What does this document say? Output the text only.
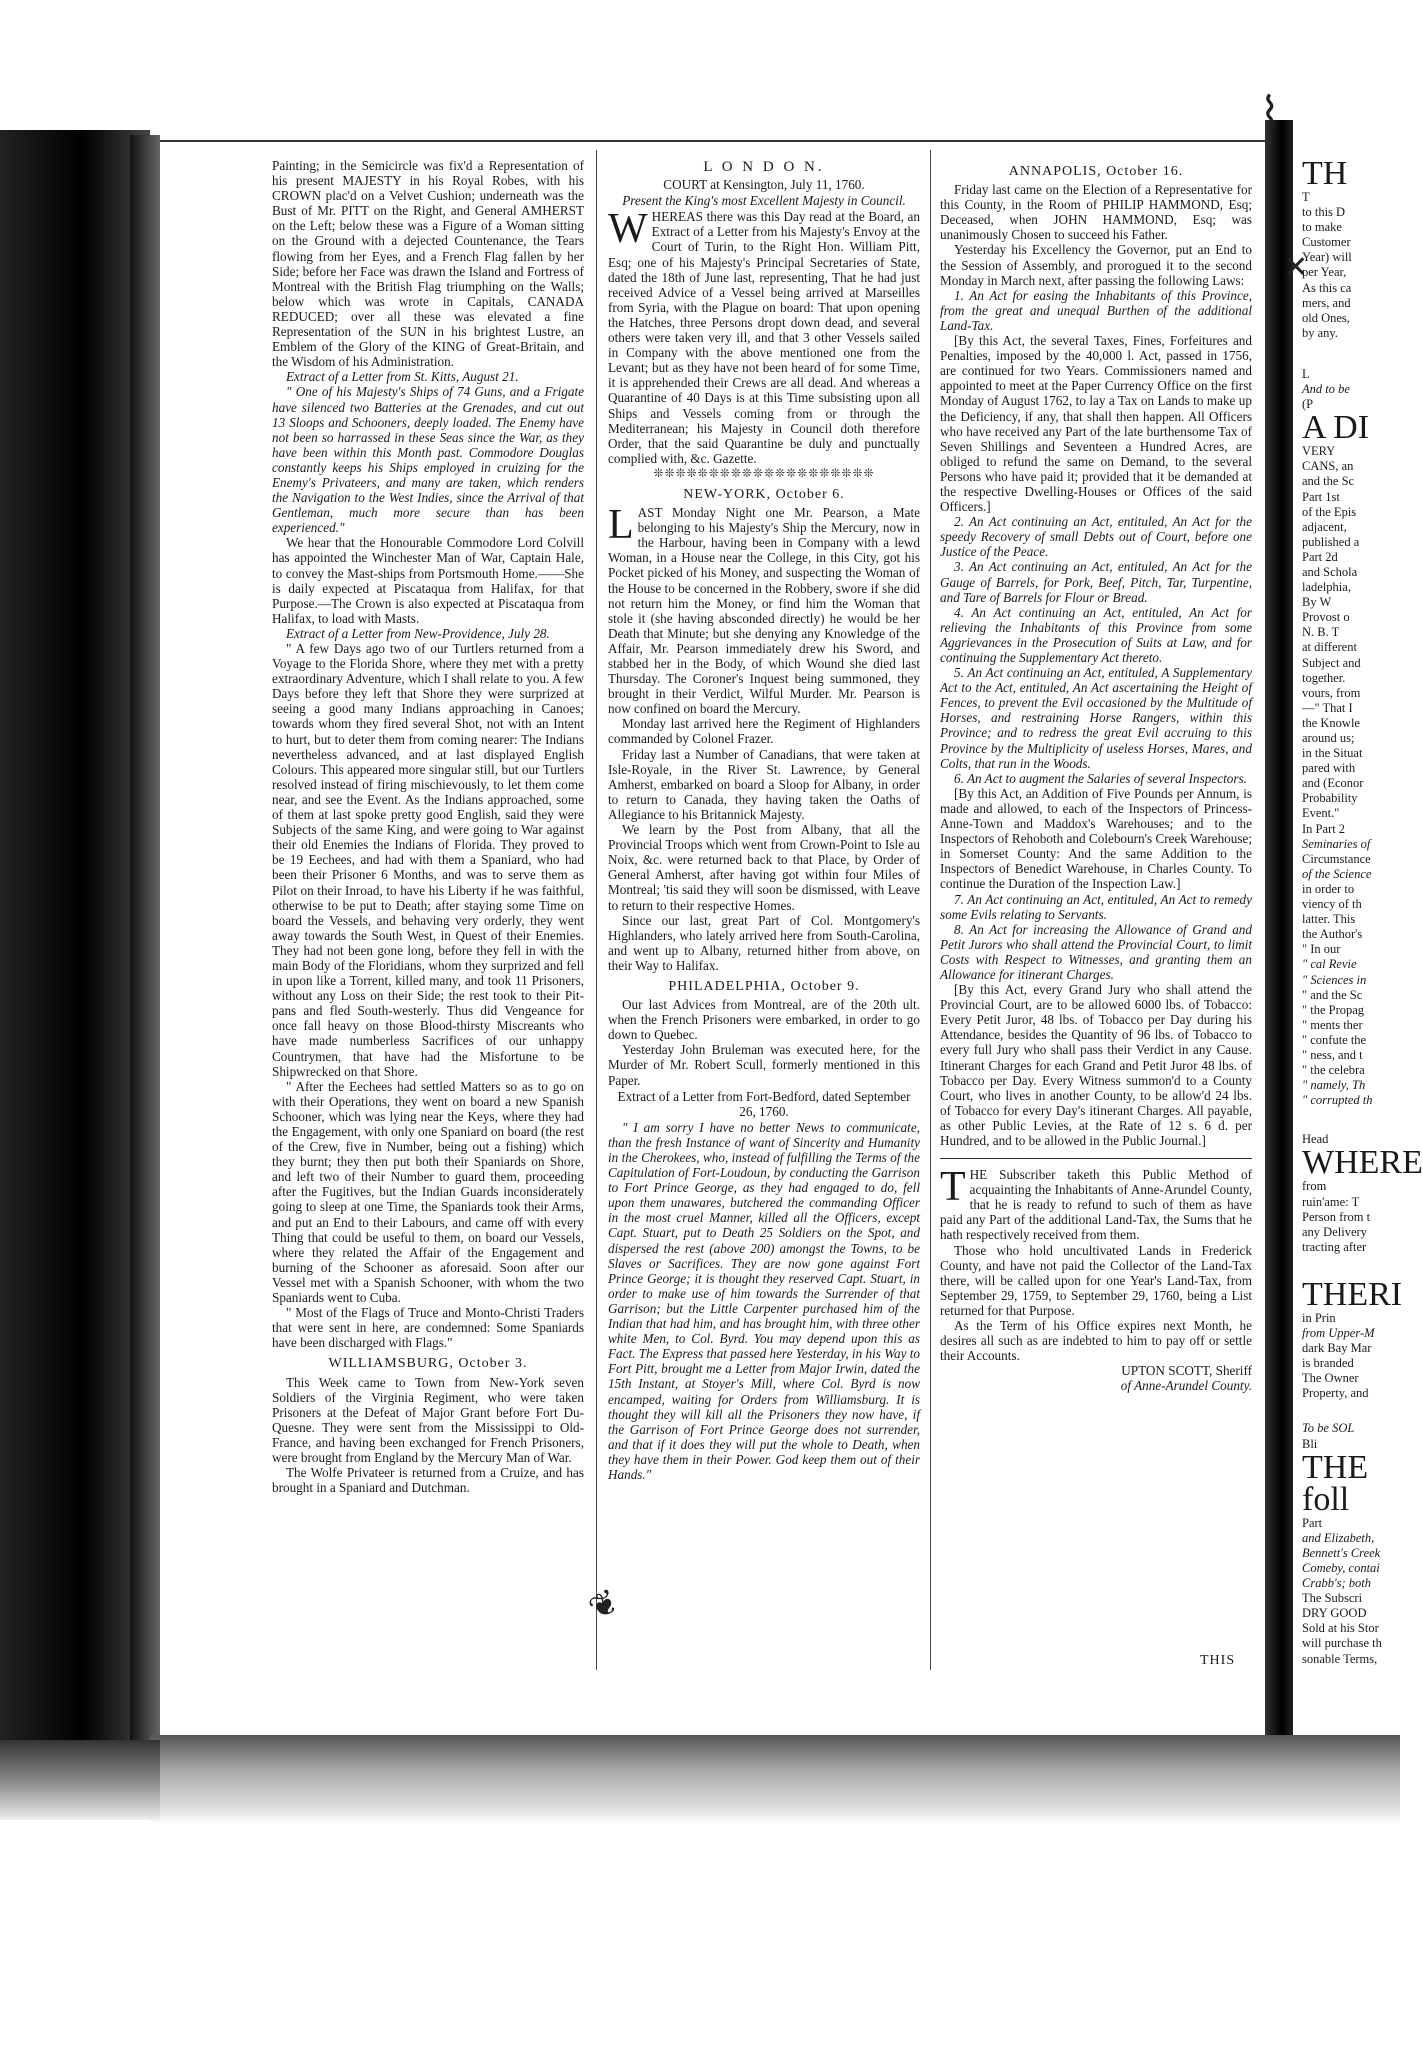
⌇
✕
❦

Painting; in the Semicircle was fix'd a Representation of his present MAJESTY in his Royal Robes, with his CROWN plac'd on a Velvet Cushion; underneath was the Bust of Mr. PITT on the Right, and General AMHERST on the Left; below these was a Figure of a Woman sitting on the Ground with a dejected Countenance, the Tears flowing from her Eyes, and a French Flag fallen by her Side; before her Face was drawn the Island and Fortress of Montreal with the British Flag triumphing on the Walls; below which was wrote in Capitals, CANADA REDUCED; over all these was elevated a fine Representation of the SUN in his brightest Lustre, an Emblem of the Glory of the KING of Great-Britain, and the Wisdom of his Administration.

Extract of a Letter from St. Kitts, August 21.

" One of his Majesty's Ships of 74 Guns, and a Frigate have silenced two Batteries at the Grenades, and cut out 13 Sloops and Schooners, deeply loaded. The Enemy have not been so harrassed in these Seas since the War, as they have been within this Month past. Commodore Douglas constantly keeps his Ships employed in cruizing for the Enemy's Privateers, and many are taken, which renders the Navigation to the West Indies, since the Arrival of that Gentleman, much more secure than has been experienced."

We hear that the Honourable Commodore Lord Colvill has appointed the Winchester Man of War, Captain Hale, to convey the Mast-ships from Portsmouth Home.——She is daily expected at Piscataqua from Halifax, for that Purpose.—The Crown is also expected at Piscataqua from Halifax, to load with Masts.

Extract of a Letter from New-Providence, July 28.

" A few Days ago two of our Turtlers returned from a Voyage to the Florida Shore, where they met with a pretty extraordinary Adventure, which I shall relate to you. A few Days before they left that Shore they were surprized at seeing a good many Indians approaching in Canoes; towards whom they fired several Shot, not with an Intent to hurt, but to deter them from coming nearer: The Indians nevertheless advanced, and at last displayed English Colours. This appeared more singular still, but our Turtlers resolved instead of firing mischievously, to let them come near, and see the Event. As the Indians approached, some of them at last spoke pretty good English, said they were Subjects of the same King, and were going to War against their old Enemies the Indians of Florida. They proved to be 19 Eechees, and had with them a Spaniard, who had been their Prisoner 6 Months, and was to serve them as Pilot on their Inroad, to have his Liberty if he was faithful, otherwise to be put to Death; after staying some Time on board the Vessels, and behaving very orderly, they went away towards the South West, in Quest of their Enemies. They had not been gone long, before they fell in with the main Body of the Floridians, whom they surprized and fell in upon like a Torrent, killed many, and took 11 Prisoners, without any Loss on their Side; the rest took to their Pit-pans and fled South-westerly. Thus did Vengeance for once fall heavy on those Blood-thirsty Miscreants who have made numberless Sacrifices of our unhappy Countrymen, that have had the Misfortune to be Shipwrecked on that Shore.

" After the Eechees had settled Matters so as to go on with their Operations, they went on board a new Spanish Schooner, which was lying near the Keys, where they had the Engagement, with only one Spaniard on board (the rest of the Crew, five in Number, being out a fishing) which they burnt; they then put both their Spaniards on Shore, and left two of their Number to guard them, proceeding after the Fugitives, but the Indian Guards inconsiderately going to sleep at one Time, the Spaniards took their Arms, and put an End to their Labours, and came off with every Thing that could be useful to them, on board our Vessels, where they related the Affair of the Engagement and burning of the Schooner as aforesaid. Soon after our Vessel met with a Spanish Schooner, with whom the two Spaniards went to Cuba.

" Most of the Flags of Truce and Monto-Christi Traders that were sent in here, are condemned: Some Spaniards have been discharged with Flags."

WILLIAMSBURG, October 3.

This Week came to Town from New-York seven Soldiers of the Virginia Regiment, who were taken Prisoners at the Defeat of Major Grant before Fort Du-Quesne. They were sent from the Mississippi to Old-France, and having been exchanged for French Prisoners, were brought from England by the Mercury Man of War.

The Wolfe Privateer is returned from a Cruize, and has brought in a Spaniard and Dutchman.

L O N D O N.

COURT at Kensington, July 11, 1760.

Present the King's most Excellent Majesty in Council.

WHEREAS there was this Day read at the Board, an Extract of a Letter from his Majesty's Envoy at the Court of Turin, to the Right Hon. William Pitt, Esq; one of his Majesty's Principal Secretaries of State, dated the 18th of June last, representing, That he had just received Advice of a Vessel being arrived at Marseilles from Syria, with the Plague on board: That upon opening the Hatches, three Persons dropt down dead, and several others were taken very ill, and that 3 other Vessels sailed in Company with the above mentioned one from the Levant; but as they have not been heard of for some Time, it is apprehended their Crews are all dead. And whereas a Quarantine of 40 Days is at this Time subsisting upon all Ships and Vessels coming from or through the Mediterranean; his Majesty in Council doth therefore Order, that the said Quarantine be duly and punctually complied with, &c. Gazette.

❊❊❊❊❊❊❊❊❊❊❊❊❊❊❊❊❊❊❊❊

NEW-YORK, October 6.

LAST Monday Night one Mr. Pearson, a Mate belonging to his Majesty's Ship the Mercury, now in the Harbour, having been in Company with a lewd Woman, in a House near the College, in this City, got his Pocket picked of his Money, and suspecting the Woman of the House to be concerned in the Robbery, swore if she did not return him the Money, or find him the Woman that stole it (she having absconded directly) he would be her Death that Minute; but she denying any Knowledge of the Affair, Mr. Pearson immediately drew his Sword, and stabbed her in the Body, of which Wound she died last Thursday. The Coroner's Inquest being summoned, they brought in their Verdict, Wilful Murder. Mr. Pearson is now confined on board the Mercury.

Monday last arrived here the Regiment of Highlanders commanded by Colonel Frazer.

Friday last a Number of Canadians, that were taken at Isle-Royale, in the River St. Lawrence, by General Amherst, embarked on board a Sloop for Albany, in order to return to Canada, they having taken the Oaths of Allegiance to his Britannick Majesty.

We learn by the Post from Albany, that all the Provincial Troops which went from Crown-Point to Isle au Noix, &c. were returned back to that Place, by Order of General Amherst, after having got within four Miles of Montreal; 'tis said they will soon be dismissed, with Leave to return to their respective Homes.

Since our last, great Part of Col. Montgomery's Highlanders, who lately arrived here from South-Carolina, and went up to Albany, returned hither from above, on their Way to Halifax.

PHILADELPHIA, October 9.

Our last Advices from Montreal, are of the 20th ult. when the French Prisoners were embarked, in order to go down to Quebec.

Yesterday John Bruleman was executed here, for the Murder of Mr. Robert Scull, formerly mentioned in this Paper.

Extract of a Letter from Fort-Bedford, dated September 26, 1760.

" I am sorry I have no better News to communicate, than the fresh Instance of want of Sincerity and Humanity in the Cherokees, who, instead of fulfilling the Terms of the Capitulation of Fort-Loudoun, by conducting the Garrison to Fort Prince George, as they had engaged to do, fell upon them unawares, butchered the commanding Officer in the most cruel Manner, killed all the Officers, except Capt. Stuart, put to Death 25 Soldiers on the Spot, and dispersed the rest (above 200) amongst the Towns, to be Slaves or Sacrifices. They are now gone against Fort Prince George; it is thought they reserved Capt. Stuart, in order to make use of him towards the Surrender of that Garrison; but the Little Carpenter purchased him of the Indian that had him, and has brought him, with three other white Men, to Col. Byrd. You may depend upon this as Fact. The Express that passed here Yesterday, in his Way to Fort Pitt, brought me a Letter from Major Irwin, dated the 15th Instant, at Stoyer's Mill, where Col. Byrd is now encamped, waiting for Orders from Williamsburg. It is thought they will kill all the Prisoners they now have, if the Garrison of Fort Prince George does not surrender, and that if it does they will put the whole to Death, when they have them in their Power. God keep them out of their Hands."

ANNAPOLIS, October 16.

Friday last came on the Election of a Representative for this County, in the Room of PHILIP HAMMOND, Esq; Deceased, when JOHN HAMMOND, Esq; was unanimously Chosen to succeed his Father.

Yesterday his Excellency the Governor, put an End to the Session of Assembly, and prorogued it to the second Monday in March next, after passing the following Laws:

1. An Act for easing the Inhabitants of this Province, from the great and unequal Burthen of the additional Land-Tax.

[By this Act, the several Taxes, Fines, Forfeitures and Penalties, imposed by the 40,000 l. Act, passed in 1756, are continued for two Years. Commissioners named and appointed to meet at the Paper Currency Office on the first Monday of August 1762, to lay a Tax on Lands to make up the Deficiency, if any, that shall then happen. All Officers who have received any Part of the late burthensome Tax of Seven Shillings and Seventeen a Hundred Acres, are obliged to refund the same on Demand, to the several Persons who have paid it; provided that it be demanded at the respective Dwelling-Houses or Offices of the said Officers.]

2. An Act continuing an Act, entituled, An Act for the speedy Recovery of small Debts out of Court, before one Justice of the Peace.

3. An Act continuing an Act, entituled, An Act for the Gauge of Barrels, for Pork, Beef, Pitch, Tar, Turpentine, and Tare of Barrels for Flour or Bread.

4. An Act continuing an Act, entituled, An Act for relieving the Inhabitants of this Province from some Aggrievances in the Prosecution of Suits at Law, and for continuing the Supplementary Act thereto.

5. An Act continuing an Act, entituled, A Supplementary Act to the Act, entituled, An Act ascertaining the Height of Fences, to prevent the Evil occasioned by the Multitude of Horses, and restraining Horse Rangers, within this Province; and to redress the great Evil accruing to this Province by the Multiplicity of useless Horses, Mares, and Colts, that run in the Woods.

6. An Act to augment the Salaries of several Inspectors.

[By this Act, an Addition of Five Pounds per Annum, is made and allowed, to each of the Inspectors of Princess-Anne-Town and Maddox's Warehouses; and to the Inspectors of Rehoboth and Colebourn's Creek Warehouse; in Somerset County: And the same Addition to the Inspectors of Benedict Warehouse, in Charles County. To continue the Duration of the Inspection Law.]

7. An Act continuing an Act, entituled, An Act to remedy some Evils relating to Servants.

8. An Act for increasing the Allowance of Grand and Petit Jurors who shall attend the Provincial Court, to limit Costs with Respect to Witnesses, and granting them an Allowance for itinerant Charges.

[By this Act, every Grand Jury who shall attend the Provincial Court, are to be allowed 6000 lbs. of Tobacco: Every Petit Juror, 48 lbs. of Tobacco per Day during his Attendance, besides the Quantity of 96 lbs. of Tobacco to every full Jury who shall pass their Verdict in any Cause. Itinerant Charges for each Grand and Petit Juror 48 lbs. of Tobacco per Day. Every Witness summon'd to a County Court, who lives in another County, to be allow'd 24 lbs. of Tobacco for every Day's itinerant Charges. All payable, as other Public Levies, at the Rate of 12 s. 6 d. per Hundred, and to be allowed in the Public Journal.]

THE Subscriber taketh this Public Method of acquainting the Inhabitants of Anne-Arundel County, that he is ready to refund to such of them as have paid any Part of the additional Land-Tax, the Sums that he hath respectively received from them.

Those who hold uncultivated Lands in Frederick County, and have not paid the Collector of the Land-Tax there, will be called upon for one Year's Land-Tax, from September 29, 1759, to September 29, 1760, being a List returned for that Purpose.

As the Term of his Office expires next Month, he desires all such as are indebted to him to pay off or settle their Accounts.

UPTON SCOTT, Sheriff

of Anne-Arundel County.

TH

T

to this D

to make

Customer

Year) will

per Year,

As this ca

mers, and

old Ones,

by any.

L

And to be

(P

A DI

VERY

CANS, an

and the Sc

Part 1st

of the Epis

adjacent,

published a

Part 2d

and Schola

ladelphia,

By W

Provost o

N. B. T

at different

Subject and

together.

vours, from

—" That I

the Knowle

around us;

in the Situat

pared with

and (Econor

Probability

Event."

In Part 2

Seminaries of

Circumstance

of the Science

in order to

viency of th

latter. This

the Author's

" In our

" cal Revie

" Sciences in

" and the Sc

" the Propag

" ments ther

" confute the

" ness, and t

" the celebra

" namely, Th

" corrupted th

Head

WHERE

from

ruin'ame: T

Person from t

any Delivery

tracting after

THERI

in Prin

from Upper-M

dark Bay Mar

is branded

The Owner

Property, and

To be SOL

Bli

THE foll

Part

and Elizabeth,

Bennett's Creek

Comeby, contai

Crabb's; both

The Subscri

DRY GOOD

Sold at his Stor

will purchase th

sonable Terms,

THIS
